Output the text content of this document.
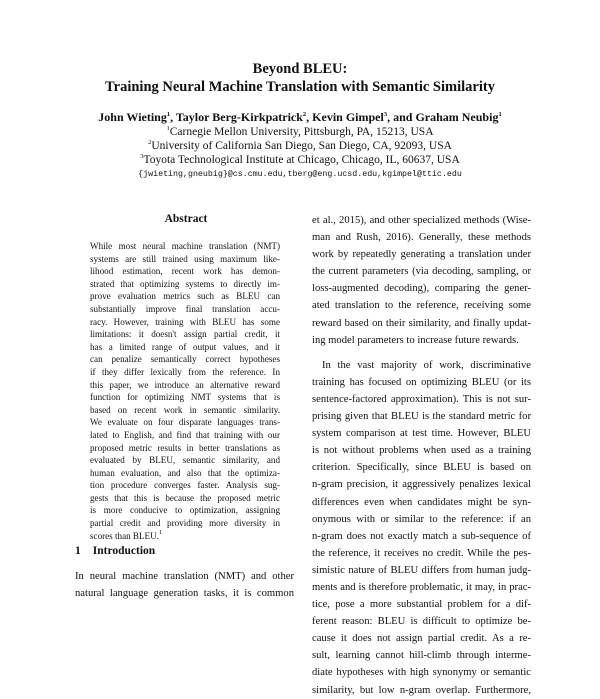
Beyond BLEU:
Training Neural Machine Translation with Semantic Similarity
John Wieting$^1$, Taylor Berg-Kirkpatrick$^2$, Kevin Gimpel$^3$, and Graham Neubig$^1$
$^1$Carnegie Mellon University, Pittsburgh, PA, 15213, USA
$^2$University of California San Diego, San Diego, CA, 92093, USA
$^3$Toyota Technological Institute at Chicago, Chicago, IL, 60637, USA
{jwieting,gneubig}@cs.cmu.edu,tberg@eng.ucsd.edu,kgimpel@ttic.edu
Abstract
While most neural machine translation (NMT)
systems are still trained using maximum like-
lihood estimation, recent work has demon-
strated that optimizing systems to directly im-
prove evaluation metrics such as BLEU can
substantially improve final translation accu-
racy. However, training with BLEU has some
limitations: it doesn't assign partial credit, it
has a limited range of output values, and it
can penalize semantically correct hypotheses
if they differ lexically from the reference. In
this paper, we introduce an alternative reward
function for optimizing NMT systems that is
based on recent work in semantic similarity.
We evaluate on four disparate languages trans-
lated to English, and find that training with our
proposed metric results in better translations as
evaluated by BLEU, semantic similarity, and
human evaluation, and also that the optimiza-
tion procedure converges faster. Analysis sug-
gests that this is because the proposed metric
is more conducive to optimization, assigning
partial credit and providing more diversity in
scores than BLEU.$^1$
1 Introduction
In neural machine translation (NMT) and other
natural language generation tasks, it is common
et al., 2015), and other specialized methods (Wise-
man and Rush, 2016). Generally, these methods
work by repeatedly generating a translation under
the current parameters (via decoding, sampling, or
loss-augmented decoding), comparing the gener-
ated translation to the reference, receiving some
reward based on their similarity, and finally updat-
ing model parameters to increase future rewards.
In the vast majority of work, discriminative
training has focused on optimizing BLEU (or its
sentence-factored approximation). This is not sur-
prising given that BLEU is the standard metric for
system comparison at test time. However, BLEU
is not without problems when used as a training
criterion. Specifically, since BLEU is based on
n-gram precision, it aggressively penalizes lexical
differences even when candidates might be syn-
onymous with or similar to the reference: if an
n-gram does not exactly match a sub-sequence of
the reference, it receives no credit. While the pes-
simistic nature of BLEU differs from human judg-
ments and is therefore problematic, it may, in prac-
tice, pose a more substantial problem for a dif-
ferent reason: BLEU is difficult to optimize be-
cause it does not assign partial credit. As a re-
sult, learning cannot hill-climb through interme-
diate hypotheses with high synonymy or semantic
similarity, but low n-gram overlap. Furthermore,
